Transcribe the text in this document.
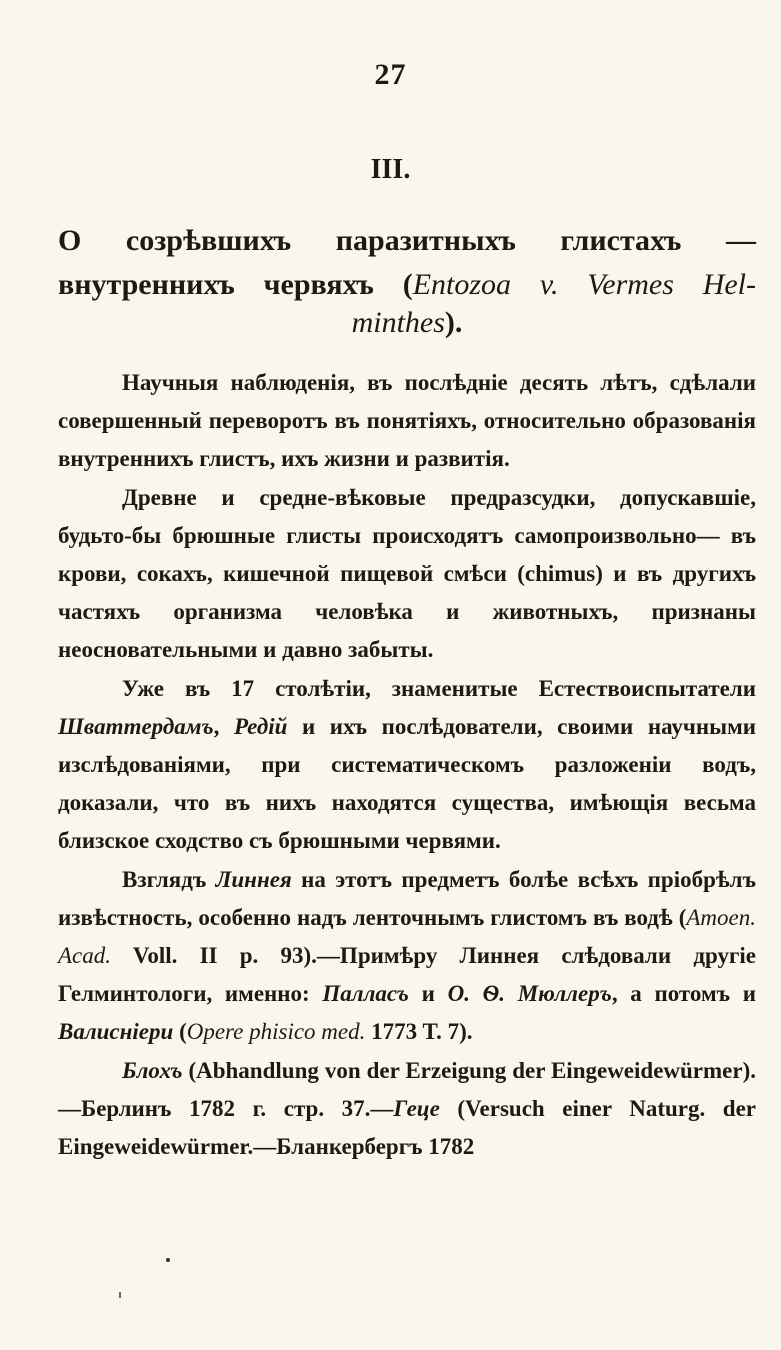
27
III.
О созрѣвшихъ паразитныхъ глистахъ —
внутреннихъ червяхъ (Entozoa v. Vermes Hel-
minthes).

Научныя наблюденія, въ послѣдніе десять лѣтъ, сдѣлали совершенный переворотъ въ понятіяхъ, относительно образованія внутреннихъ глистъ, ихъ жизни и развитія.

Древне и средне-вѣковые предразсудки, допускавшіе, будьто-бы брюшные глисты происходятъ самопроизвольно— въ крови, сокахъ, кишечной пищевой смѣси (chimus) и въ другихъ частяхъ организма человѣка и животныхъ, признаны неосновательными и давно забыты.

Уже въ 17 столѣтіи, знаменитые Естествоиспытатели Швammердамъ, Редій и ихъ послѣдователи, своими научными изслѣдованіями, при систематическомъ разложеніи водъ, доказали, что въ нихъ находятся существа, имѣющія весьма близское сходство съ брюшными червями.

Взглядъ Линнея на этотъ предметъ болѣе всѣхъ пріобрѣлъ извѣстность, особенно надъ ленточнымъ глистомъ въ водѣ (Amoen. Acad. Voll. II p. 93).—Примѣру Линнея слѣдовали другіе Гелминтологи, именно: Палласъ и О. Ѳ. Мюллеръ, а потомъ и Валисніери (Opere phisico med. 1773 T. 7).

Блохъ (Abhandlung von der Erzeigung der Eingeweidewürmer).—Берлинъ 1782 г. стр. 37.—Гецe (Versuch einer Naturg. der Eingeweidewürmer.—Бланкербергъ 1782
